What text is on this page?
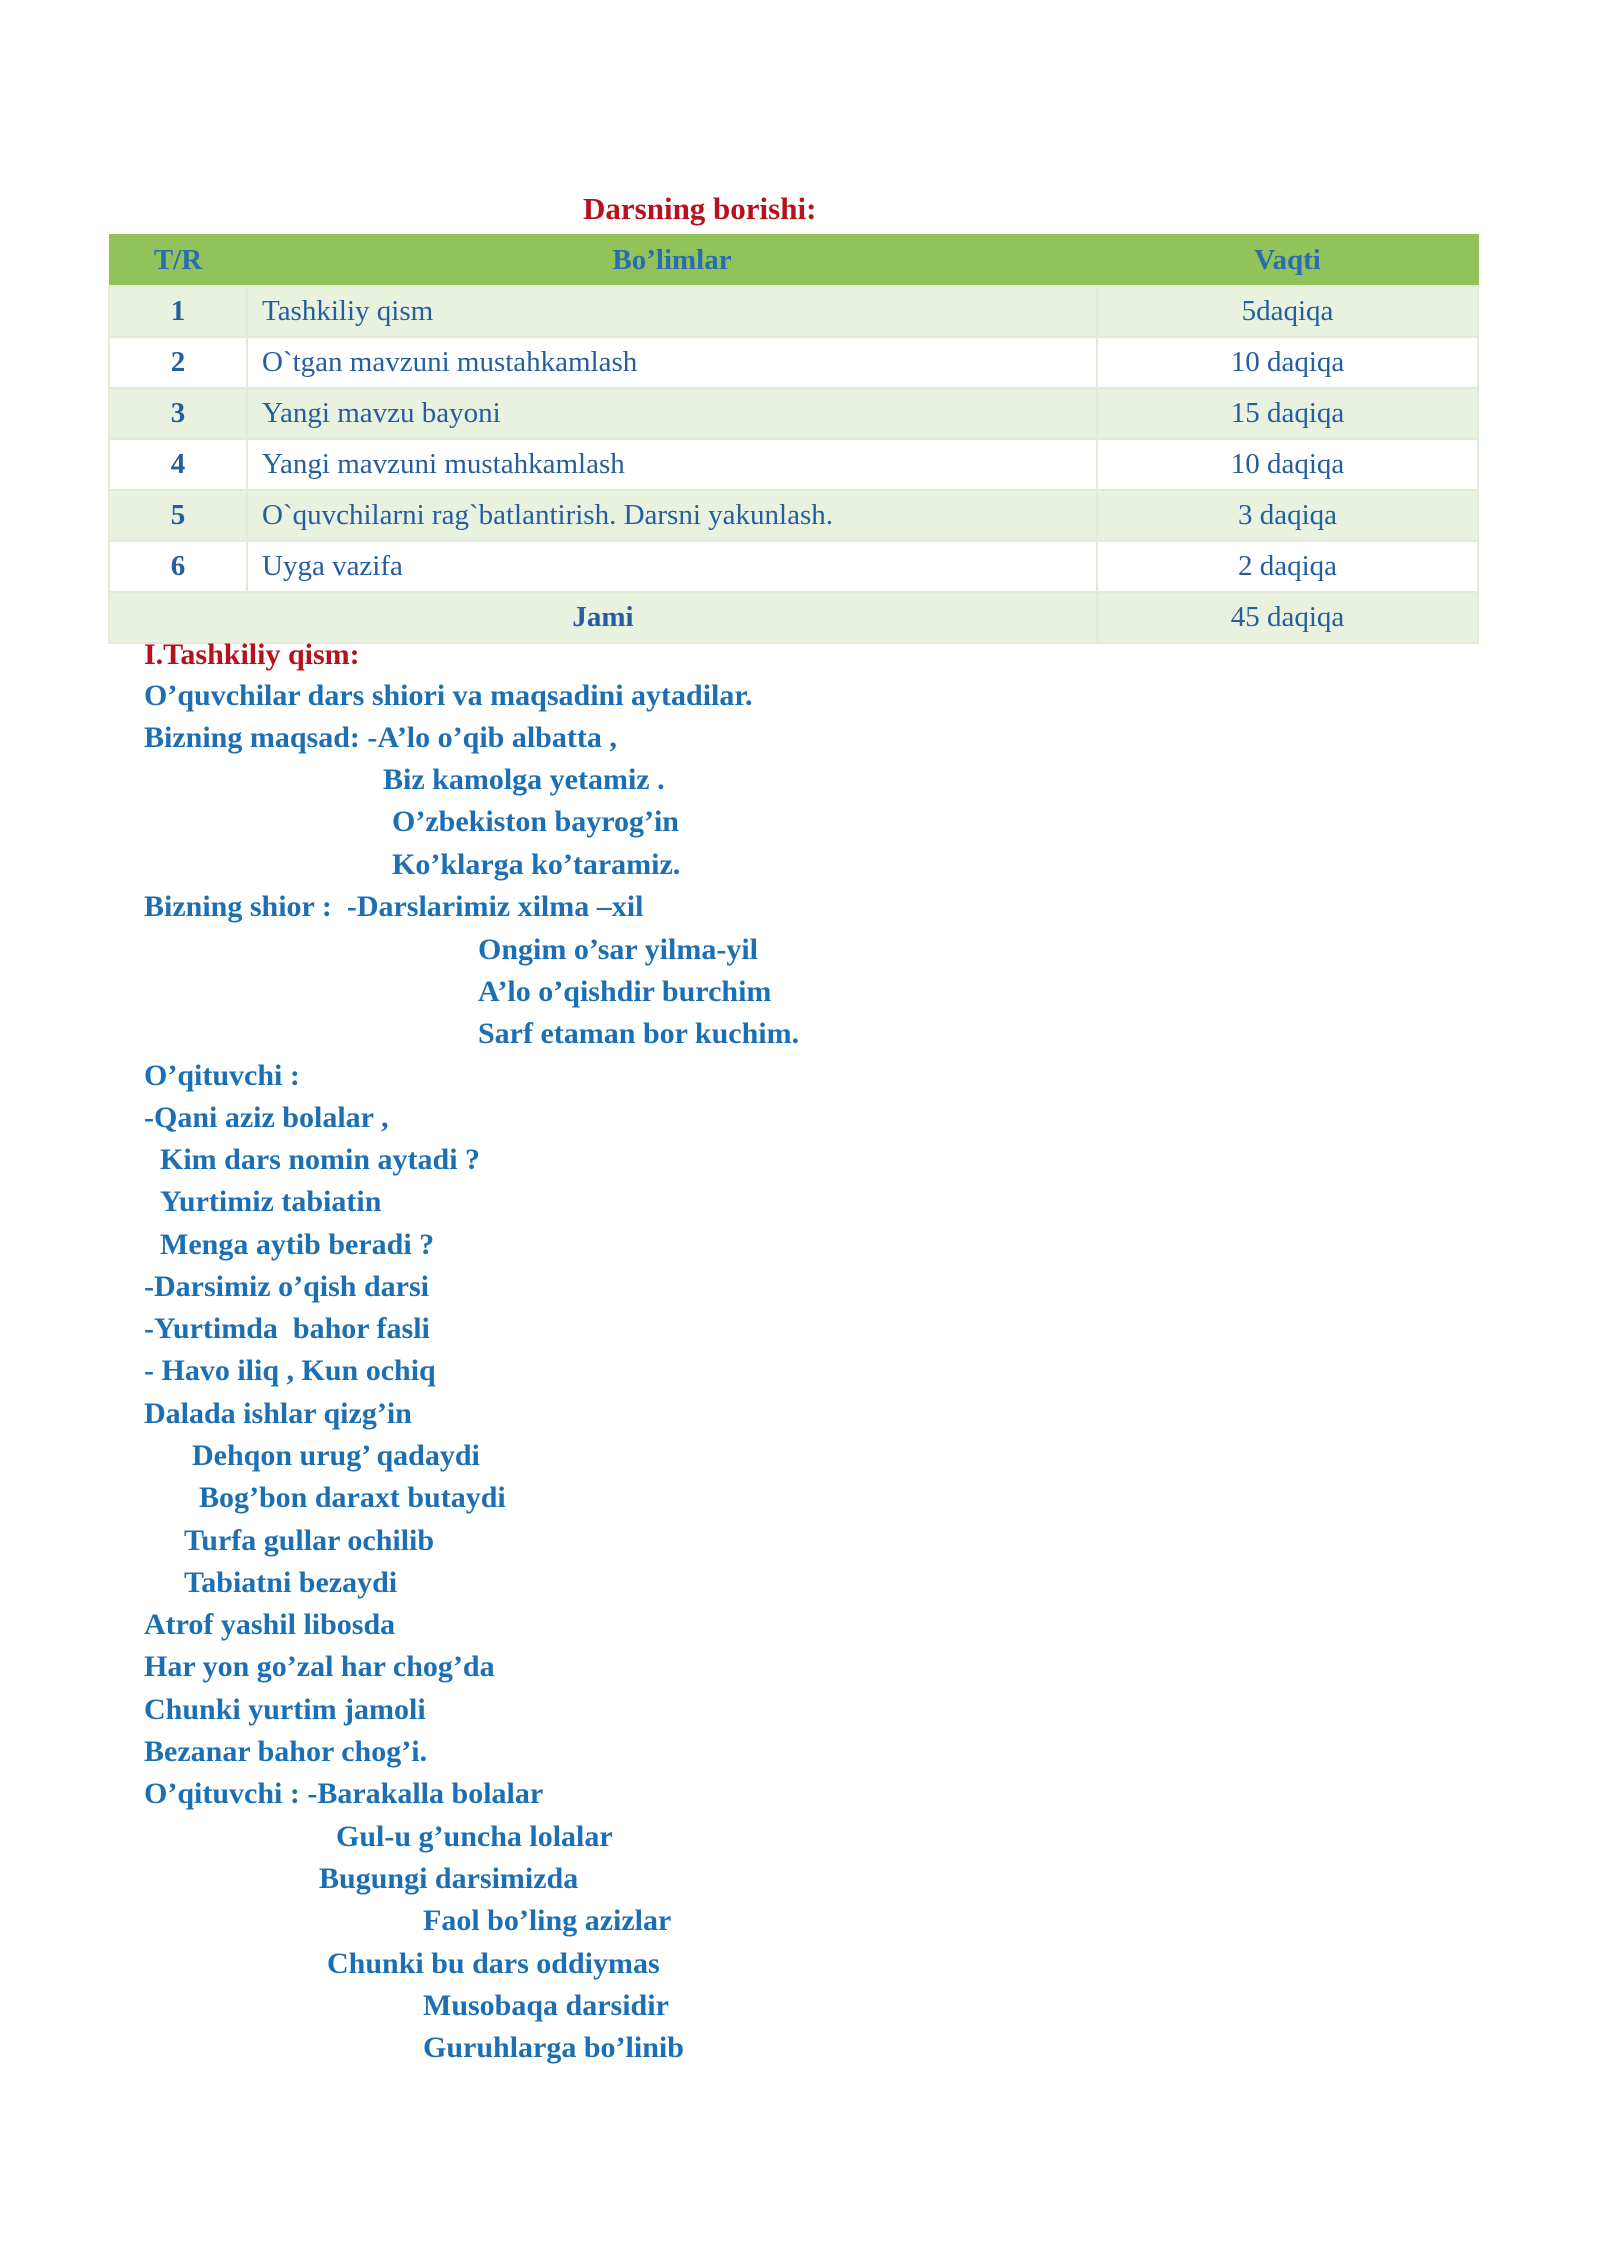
Darsning borishi:
T/R	Bo’limlar	Vaqti
1	Tashkiliy qism	5daqiqa
2	O`tgan mavzuni mustahkamlash	10 daqiqa
3	Yangi mavzu bayoni	15 daqiqa
4	Yangi mavzuni mustahkamlash	10 daqiqa
5	O`quvchilarni rag`batlantirish. Darsni yakunlash.	3 daqiqa
6	Uyga vazifa	2 daqiqa
Jami		45 daqiqa
I.Tashkiliy qism:
O’quvchilar dars shiori va maqsadini aytadilar.
Bizning maqsad: -A’lo o’qib albatta ,
Biz kamolga yetamiz .
O’zbekiston bayrog’in
Ko’klarga ko’taramiz.
Bizning shior :  -Darslarimiz xilma –xil
Ongim o’sar yilma-yil
A’lo o’qishdir burchim
Sarf etaman bor kuchim.
O’qituvchi :
-Qani aziz bolalar ,
Kim dars nomin aytadi ?
Yurtimiz tabiatin
Menga aytib beradi ?
-Darsimiz o’qish darsi
-Yurtimda  bahor fasli
- Havo iliq , Kun ochiq
Dalada ishlar qizg’in
Dehqon urug’ qadaydi
Bog’bon daraxt butaydi
Turfa gullar ochilib
Tabiatni bezaydi
Atrof yashil libosda
Har yon go’zal har chog’da
Chunki yurtim jamoli
Bezanar bahor chog’i.
O’qituvchi : -Barakalla bolalar
Gul-u g’uncha lolalar
Bugungi darsimizda
Faol bo’ling azizlar
Chunki bu dars oddiymas
Musobaqa darsidir
Guruhlarga bo’linib
